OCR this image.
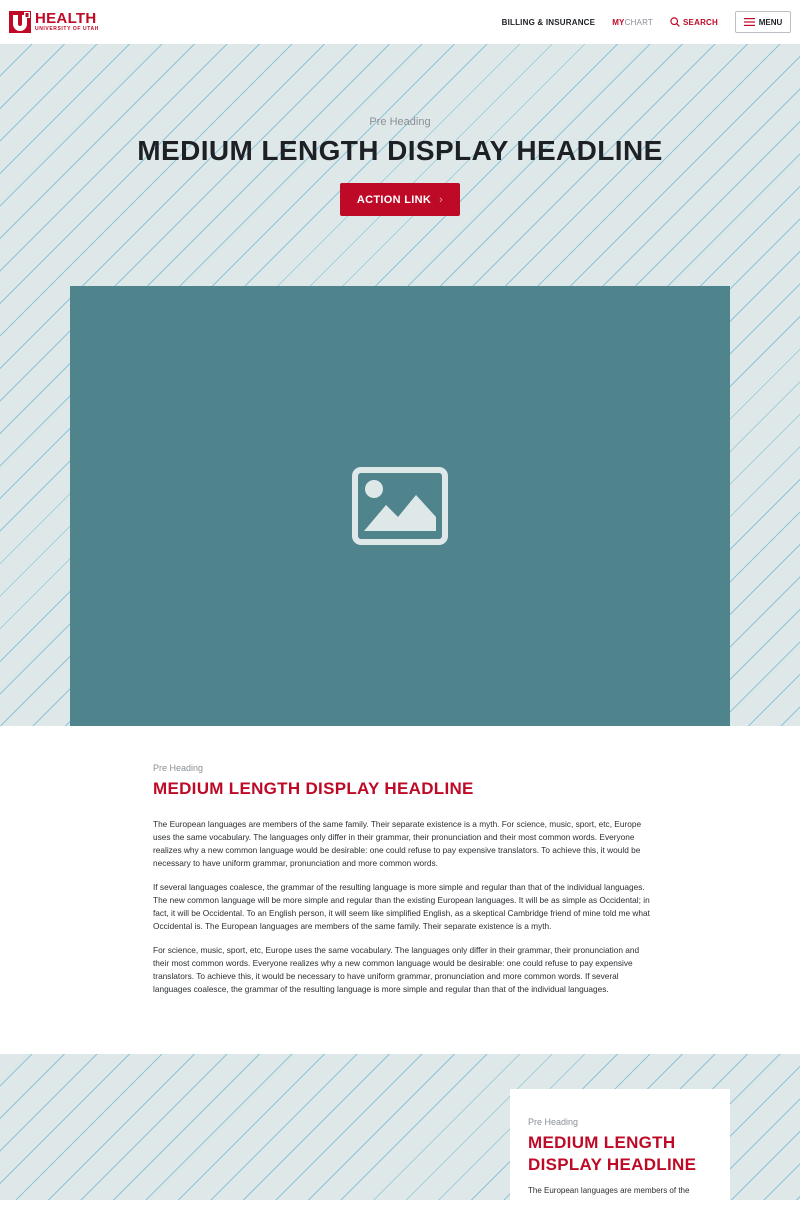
HEALTH
UNIVERSITY OF UTAH
BILLING & INSURANCE MYCHART	SEARCH	MENU
Pre Heading
MEDIUM LENGTH DISPLAY HEADLINE
ACTION LINK ›
Pre Heading
MEDIUM LENGTH DISPLAY HEADLINE

The European languages are members of the same family. Their separate existence is a myth. For science, music, sport, etc, Europe uses the same vocabulary. The languages only differ in their grammar, their pronunciation and their most common words. Everyone realizes why a new common language would be desirable: one could refuse to pay expensive translators. To achieve this, it would be necessary to have uniform grammar, pronunciation and more common words.

If several languages coalesce, the grammar of the resulting language is more simple and regular than that of the individual languages. The new common language will be more simple and regular than the existing European languages. It will be as simple as Occidental; in fact, it will be Occidental. To an English person, it will seem like simplified English, as a skeptical Cambridge friend of mine told me what Occidental is. The European languages are members of the same family. Their separate existence is a myth.

For science, music, sport, etc, Europe uses the same vocabulary. The languages only differ in their grammar, their pronunciation and their most common words. Everyone realizes why a new common language would be desirable: one could refuse to pay expensive translators. To achieve this, it would be necessary to have uniform grammar, pronunciation and more common words. If several languages coalesce, the grammar of the resulting language is more simple and regular than that of the individual languages.

Pre Heading
MEDIUM LENGTH DISPLAY HEADLINE
The European languages are members of the
